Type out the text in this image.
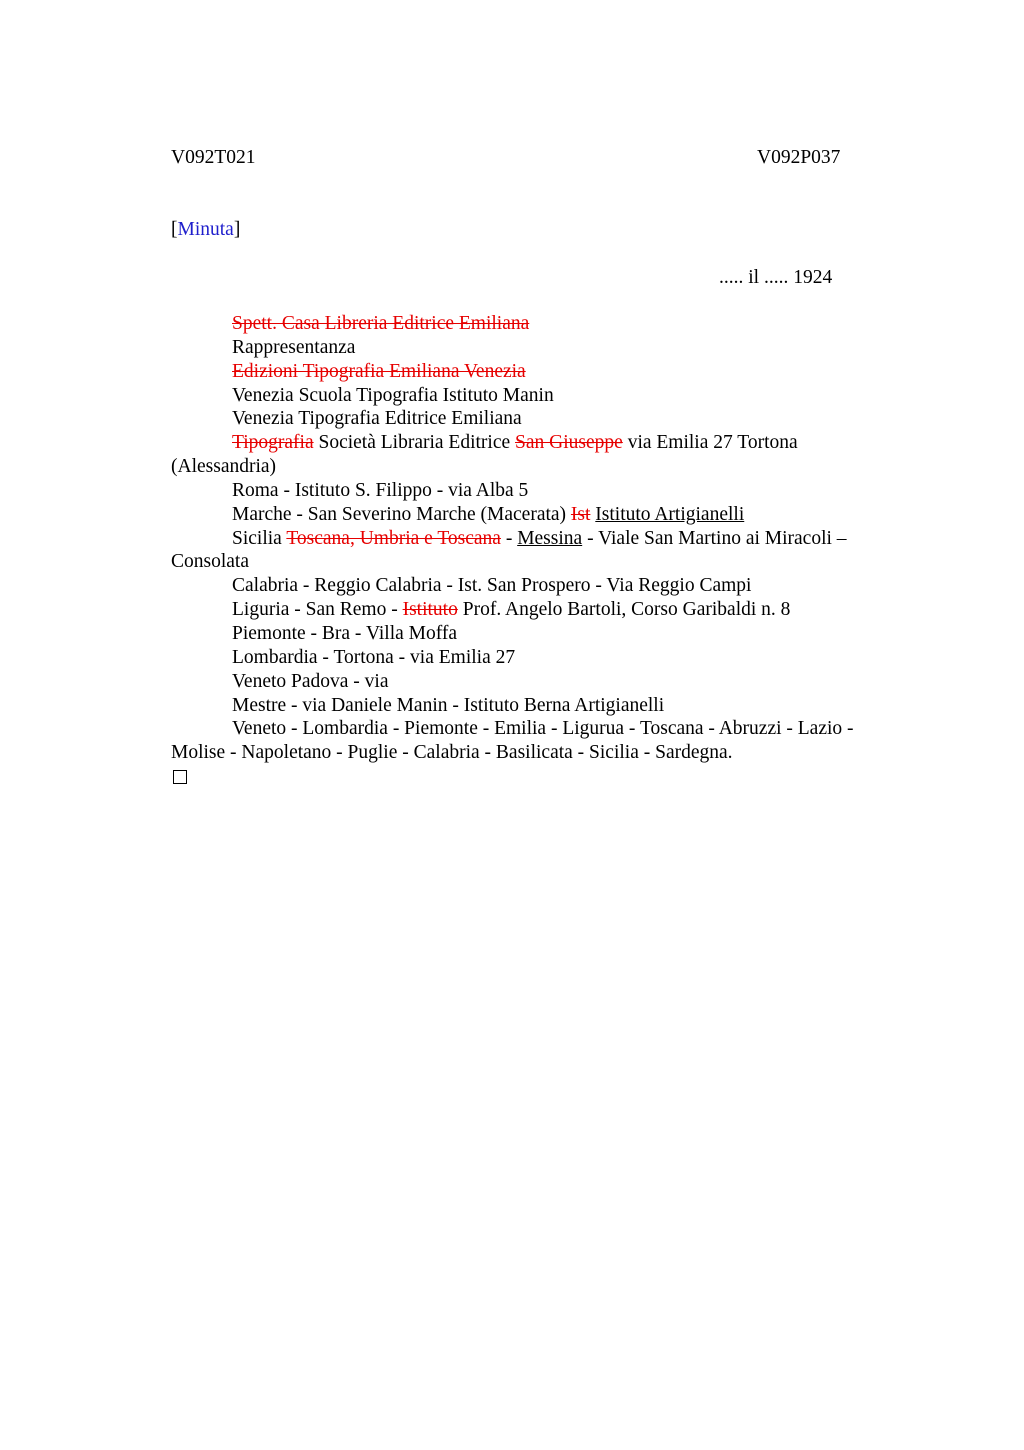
V092T021	V092P037
[Minuta]
..... il ..... 1924

Spett. Casa Libreria Editrice Emiliana

Rappresentanza

Edizioni Tipografia Emiliana Venezia

Venezia Scuola Tipografia Istituto Manin

Venezia Tipografia Editrice Emiliana

Tipografia Società Libraria Editrice San Giuseppe via Emilia 27 Tortona (Alessandria)

Roma - Istituto S. Filippo - via Alba 5

Marche - San Severino Marche (Macerata) Ist Istituto Artigianelli

Sicilia Toscana, Umbria e Toscana - Messina - Viale San Martino ai Miracoli – Consolata

Calabria - Reggio Calabria - Ist. San Prospero - Via Reggio Campi

Liguria - San Remo - Istituto Prof. Angelo Bartoli, Corso Garibaldi n. 8

Piemonte - Bra - Villa Moffa

Lombardia - Tortona - via Emilia 27

Veneto Padova - via

Mestre - via Daniele Manin - Istituto Berna Artigianelli

Veneto - Lombardia - Piemonte - Emilia - Ligurua - Toscana - Abruzzi - Lazio - Molise - Napoletano - Puglie - Calabria - Basilicata - Sicilia - Sardegna.
